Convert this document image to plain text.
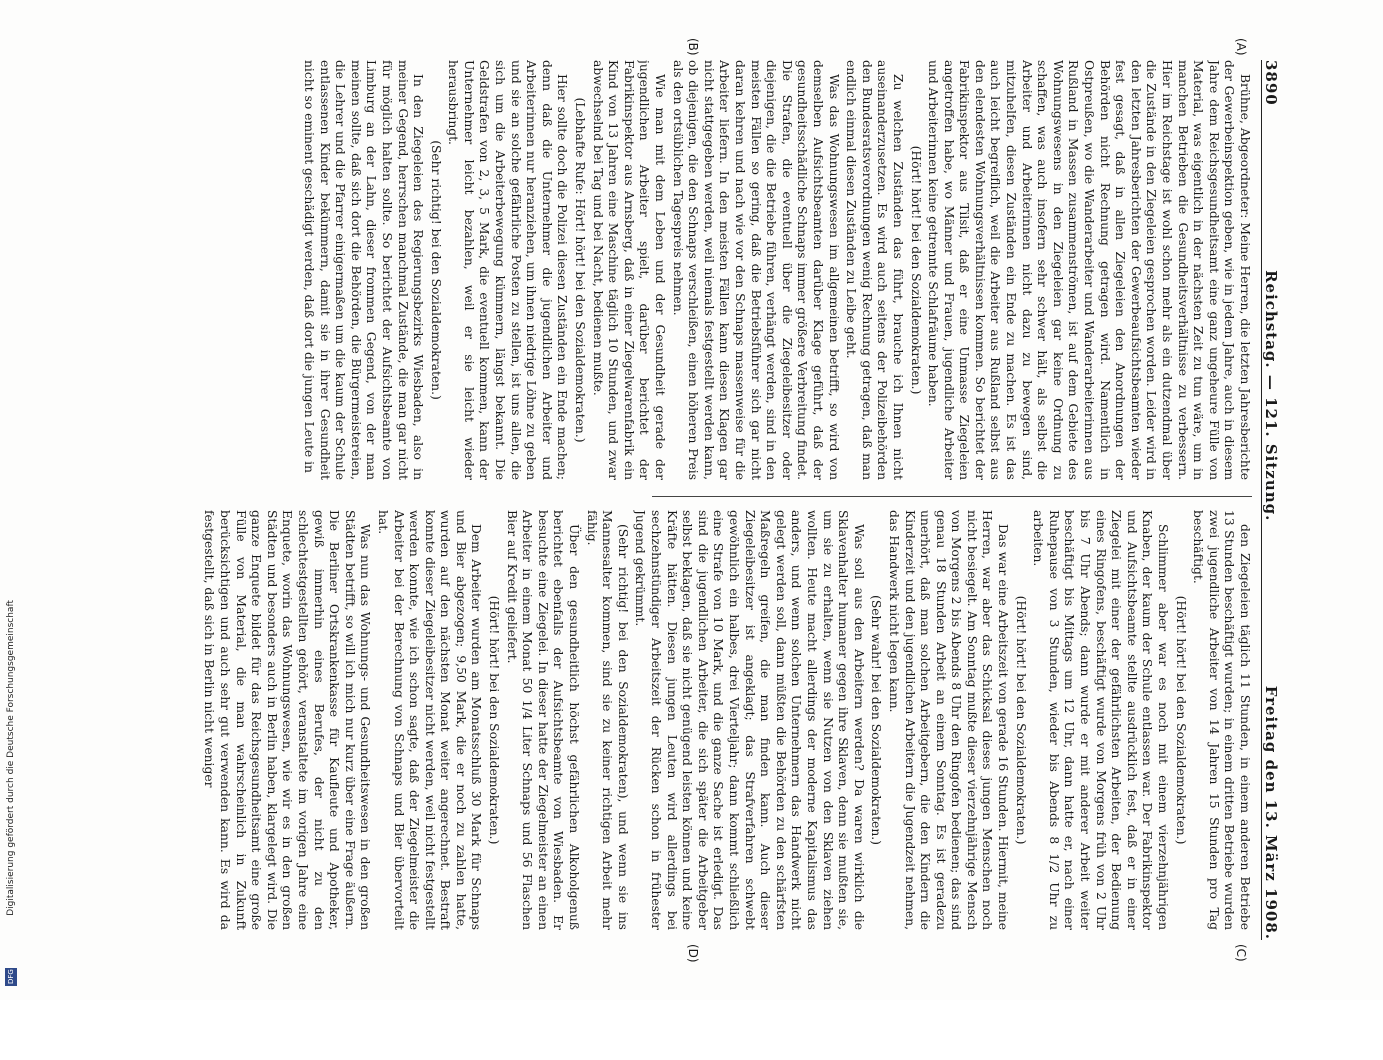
Digitalisierung gefördert durch die Deutsche Forschungsgemeinschaft
DFG
3890
Reichstag. — 121. Sitzung.
Freitag den 13. März 1908.
(A)
(B)
(C)
(D)

Brühne, Abgeordneter: Meine Herren, die letzten Jahresberichte der Gewerbeinspektion geben, wie in jedem Jahre, auch in diesem Jahre dem Reichsgesundheitsamt eine ganz ungeheure Fülle von Material, was eigentlich in der nächsten Zeit zu tun wäre, um in manchen Betrieben die Gesundheitsverhältnisse zu verbessern. Hier im Reichstage ist wohl schon mehr als ein dutzendmal über die Zustände in den Ziegeleien gesprochen worden. Leider wird in den letzten Jahresberichten der Gewerbeaufsichtsbeamten wieder fest gesagt, daß in allen Ziegeleien den Anordnungen der Behörden nicht Rechnung getragen wird. Namentlich in Ostpreußen, wo die Wanderarbeiter und Wanderarbeiterinnen aus Rußland in Massen zusammenströmen, ist auf dem Gebiete des Wohnungswesens in den Ziegeleien gar keine Ordnung zu schaffen, was auch insofern sehr schwer hält, als selbst die Arbeiter und Arbeiterinnen nicht dazu zu bewegen sind, mitzuhelfen, diesen Zuständen ein Ende zu machen. Es ist das auch leicht begreiflich, weil die Arbeiter aus Rußland selbst aus den elendesten Wohnungsverhältnissen kommen. So berichtet der Fabrikinspektor aus Tilsit, daß er eine Unmasse Ziegeleien angetroffen habe, wo Männer und Frauen, jugendliche Arbeiter und Arbeiterinnen keine getrennte Schlafräume haben.

(Hört! hört! bei den Sozialdemokraten.)

Zu welchen Zuständen das führt, brauche ich Ihnen nicht auseinanderzusetzen. Es wird auch seitens der Polizeibehörden den Bundesratsverordnungen wenig Rechnung getragen, daß man endlich einmal diesen Zuständen zu Leibe geht.

Was das Wohnungswesen im allgemeinen betrifft, so wird von demselben Aufsichtsbeamten darüber Klage geführt, daß der gesundheitsschädliche Schnaps immer größere Verbreitung findet. Die Strafen, die eventuell über die Ziegeleibesitzer oder diejenigen, die die Betriebe führen, verhängt werden, sind in den meisten Fällen so gering, daß die Betriebsführer sich gar nicht daran kehren und nach wie vor den Schnaps massenweise für die Arbeiter liefern. In den meisten Fällen kann diesen Klagen gar nicht stattgegeben werden, weil niemals festgestellt werden kann, ob diejenigen, die den Schnaps verschleißen, einen höheren Preis als den ortsüblichen Tagespreis nehmen.

Wie man mit dem Leben und der Gesundheit gerade der jugendlichen Arbeiter spielt, darüber berichtet der Fabrikinspektor aus Arnsberg, daß in einer Ziegelwarenfabrik ein Kind von 13 Jahren eine Maschine täglich 10 Stunden, und zwar abwechselnd bei Tag und bei Nacht, bedienen mußte.

(Lebhafte Rufe: Hört! hört! bei den Sozialdemokraten.)

Hier sollte doch die Polizei diesen Zuständen ein Ende machen; denn daß die Unternehmer die jugendlichen Arbeiter und Arbeiterinnen nur heranziehen, um ihnen niedrige Löhne zu geben und sie an solche gefährliche Posten zu stellen, ist uns allen, die sich um die Arbeiterbewegung kümmern, längst bekannt. Die Geldstrafen von 2, 3, 5 Mark, die eventuell kommen, kann der Unternehmer leicht bezahlen, weil er sie leicht wieder herausbringt.

(Sehr richtig! bei den Sozialdemokraten.)

In den Ziegeleien des Regierungsbezirks Wiesbaden, also in meiner Gegend, herrschen manchmal Zustände, die man gar nicht für möglich halten sollte. So berichtet der Aufsichtsbeamte von Limburg an der Lahn, dieser frommen Gegend, von der man meinen sollte, daß sich dort die Behörden, die Bürgermeistereien, die Lehrer und die Pfarrer einigermaßen um die kaum der Schule entlassenen Kinder bekümmern, damit sie in ihrer Gesundheit nicht so eminent geschädigt werden, daß dort die jungen Leute in

den Ziegeleien täglich 11 Stunden, in einem anderen Betriebe 13 Stunden beschäftigt wurden; in einem dritten Betriebe wurden zwei jugendliche Arbeiter von 14 Jahren 15 Stunden pro Tag beschäftigt.

(Hört! hört! bei den Sozialdemokraten.)

Schlimmer aber war es noch mit einem vierzehnjährigen Knaben, der kaum der Schule entlassen war. Der Fabrikinspektor und Aufsichtsbeamte stellte ausdrücklich fest, daß er in einer Ziegelei mit einer der gefährlichsten Arbeiten, der Bedienung eines Ringofens, beschäftigt wurde von Morgens früh von 2 Uhr bis 7 Uhr Abends; dann wurde er mit anderer Arbeit weiter beschäftigt bis Mittags um 12 Uhr, dann hatte er, nach einer Ruhepause von 3 Stunden, wieder bis Abends 8 1/2 Uhr zu arbeiten.

(Hört! hört! bei den Sozialdemokraten.)

Das war eine Arbeitszeit von gerade 16 Stunden. Hiermit, meine Herren, war aber das Schicksal dieses jungen Menschen noch nicht besiegelt. Am Sonntag mußte dieser vierzehnjährige Mensch von Morgens 2 bis Abends 8 Uhr den Ringofen bedienen; das sind genau 18 Stunden Arbeit an einem Sonntag. Es ist geradezu unerhört, daß man solchen Arbeitgebern, die den Kindern die Kinderzeit und den jugendlichen Arbeitern die Jugendzeit nehmen, das Handwerk nicht legen kann.

(Sehr wahr! bei den Sozialdemokraten.)

Was soll aus den Arbeitern werden? Da waren wirklich die Sklavenhalter humaner gegen ihre Sklaven, denn sie mußten sie, um sie zu erhalten, wenn sie Nutzen von den Sklaven ziehen wollten. Heute macht allerdings der moderne Kapitalismus das anders, und wenn solchen Unternehmern das Handwerk nicht gelegt werden soll, dann müßten die Behörden zu den schärfsten Maßregeln greifen, die man finden kann. Auch dieser Ziegeleibesitzer ist angeklagt; das Strafverfahren schwebt gewöhnlich ein halbes, drei Vierteljahr; dann kommt schließlich eine Strafe von 10 Mark, und die ganze Sache ist erledigt. Das sind die jugendlichen Arbeiter, die sich später die Arbeitgeber selbst beklagen, daß sie nicht genügend leisten können und keine Kräfte hätten. Diesen jungen Leuten wird allerdings bei sechzehnstündiger Arbeitszeit der Rücken schon in frühester Jugend gekrümmt.

(Sehr richtig! bei den Sozialdemokraten), und wenn sie ins Mannesalter kommen, sind sie zu keiner richtigen Arbeit mehr fähig.

Über den gesundheitlich höchst gefährlichen Alkoholgenuß berichtet ebenfalls der Aufsichtsbeamte von Wiesbaden. Er besuchte eine Ziegelei. In dieser hatte der Ziegelmeister an einen Arbeiter in einem Monat 50 1/4 Liter Schnaps und 56 Flaschen Bier auf Kredit geliefert.

(Hört! hört! bei den Sozialdemokraten.)

Dem Arbeiter wurden am Monatsschluß 30 Mark für Schnaps und Bier abgezogen; 9,50 Mark, die er noch zu zahlen hatte, wurden auf den nächsten Monat weiter angerechnet. Bestraft konnte dieser Ziegeleibesitzer nicht werden, weil nicht festgestellt werden konnte, wie ich schon sagte, daß der Ziegelmeister die Arbeiter bei der Berechnung von Schnaps und Bier übervorteilt hat.

Was nun das Wohnungs- und Gesundheitswesen in den großen Städten betrifft, so will ich mich nur kurz über eine Frage äußern. Die Berliner Ortskrankenkasse für Kaufleute und Apotheker, gewiß immerhin eines Berufes, der nicht zu den schlechtestgestellten gehört, veranstaltete im vorigen Jahre eine Enquete, worin das Wohnungswesen, wie wir es in den großen Städten und besonders auch in Berlin haben, klargelegt wird. Die ganze Enquete bildet für das Reichsgesundheitsamt eine große Fülle von Material, die man wahrscheinlich in Zukunft berücksichtigen und auch sehr gut verwenden kann. Es wird da festgestellt, daß sich in Berlin nicht weniger
